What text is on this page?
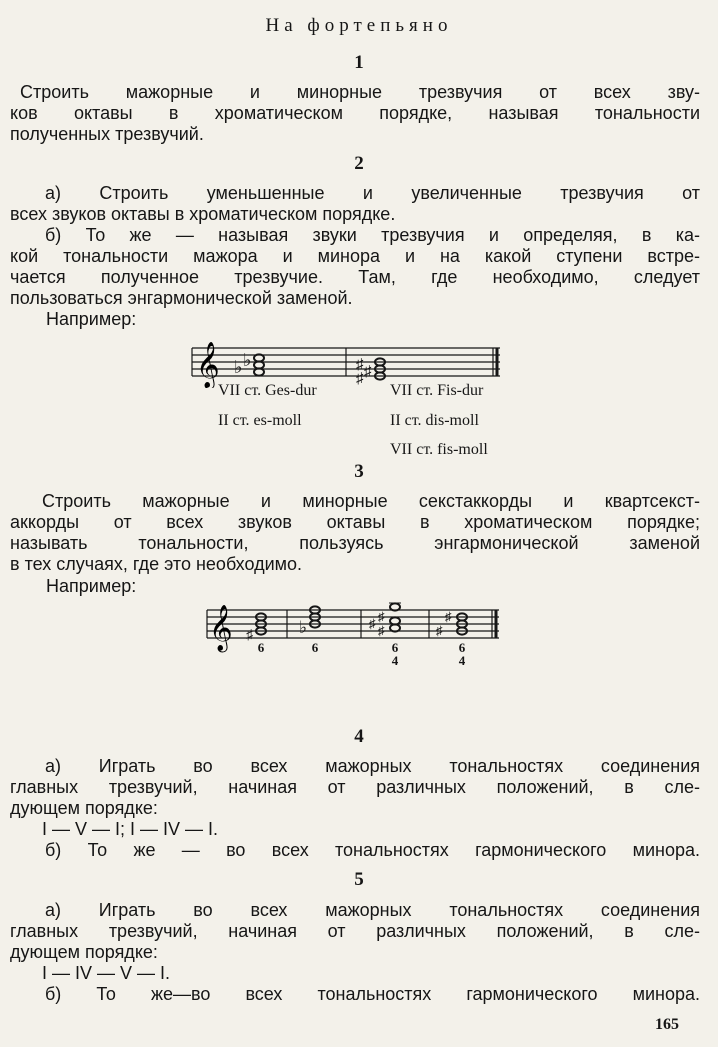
На фортепьяно
1
Строить мажорные и минорные трезвучия от всех зву-
ков октавы в хроматическом порядке, называя тональности
полученных трезвучий.
2
а) Строить уменьшенные и увеличенные трезвучия от
всех звуков октавы в хроматическом порядке.
б) То же — называя звуки трезвучия и определяя, в ка-
кой тональности мажора и минора и на какой ступени встре-
чается полученное трезвучие. Там, где необходимо, следует
пользоваться энгармонической заменой.
Например:
𝄞 ♭ ♭
♯ ♯
♯
VII ст. Ges-dur
II ст. es-moll
VII ст. Fis-dur
II ст. dis-moll
VII ст. fis-moll
3
Строить мажорные и минорные секстаккорды и квартсекст-
аккорды от всех звуков октавы в хроматическом порядке;
называть тональности, пользуясь энгармонической заменой
в тех случаях, где это необходимо.
Например:
𝄞 ♯	♭	♯ ♯
♯	♯
♯
6	6	6
4
6
4
4
а) Играть во всех мажорных тональностях соединения
главных трезвучий, начиная от различных положений, в сле-
дующем порядке:
I — V — I; I — IV — I.
б) То же — во всех тональностях гармонического минора.
5
а) Играть во всех мажорных тональностях соединения
главных трезвучий, начиная от различных положений, в сле-
дующем порядке:
I — IV — V — I.
б) То же—во всех тональностях гармонического минора.
165
